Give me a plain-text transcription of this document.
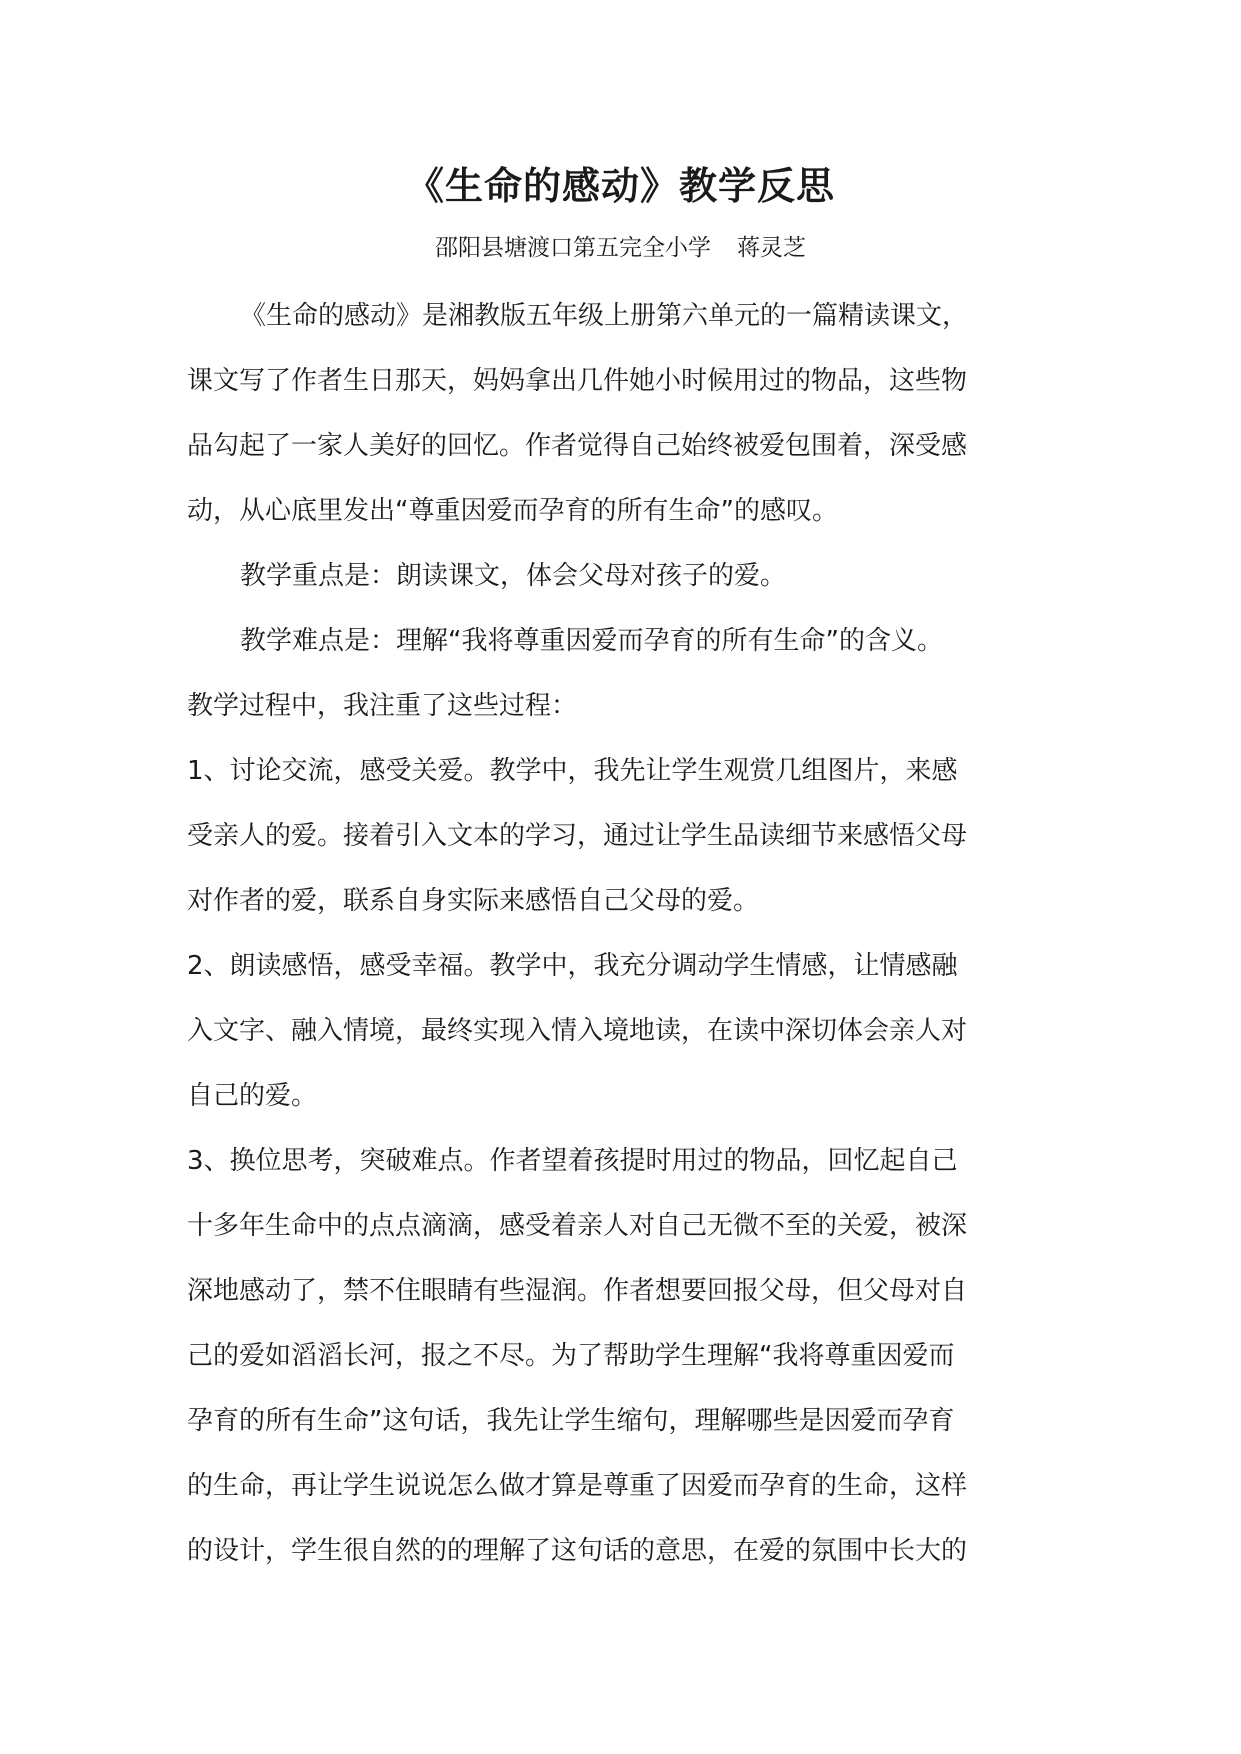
《生命的感动》教学反思

邵阳县塘渡口第五完全小学 蒋灵芝

《生命的感动》是湘教版五年级上册第六单元的一篇精读课文，
课文写了作者生日那天，妈妈拿出几件她小时候用过的物品，这些物
品勾起了一家人美好的回忆。作者觉得自己始终被爱包围着，深受感
动，从心底里发出“尊重因爱而孕育的所有生命”的感叹。
教学重点是：朗读课文，体会父母对孩子的爱。
教学难点是：理解“我将尊重因爱而孕育的所有生命”的含义。
教学过程中，我注重了这些过程：
1、讨论交流，感受关爱。教学中，我先让学生观赏几组图片，来感
受亲人的爱。接着引入文本的学习，通过让学生品读细节来感悟父母
对作者的爱，联系自身实际来感悟自己父母的爱。
2、朗读感悟，感受幸福。教学中，我充分调动学生情感，让情感融
入文字、融入情境，最终实现入情入境地读，在读中深切体会亲人对
自己的爱。
3、换位思考，突破难点。作者望着孩提时用过的物品，回忆起自己
十多年生命中的点点滴滴，感受着亲人对自己无微不至的关爱，被深
深地感动了，禁不住眼睛有些湿润。作者想要回报父母，但父母对自
己的爱如滔滔长河，报之不尽。为了帮助学生理解“我将尊重因爱而
孕育的所有生命”这句话，我先让学生缩句，理解哪些是因爱而孕育
的生命，再让学生说说怎么做才算是尊重了因爱而孕育的生命，这样
的设计，学生很自然的的理解了这句话的意思，在爱的氛围中长大的
